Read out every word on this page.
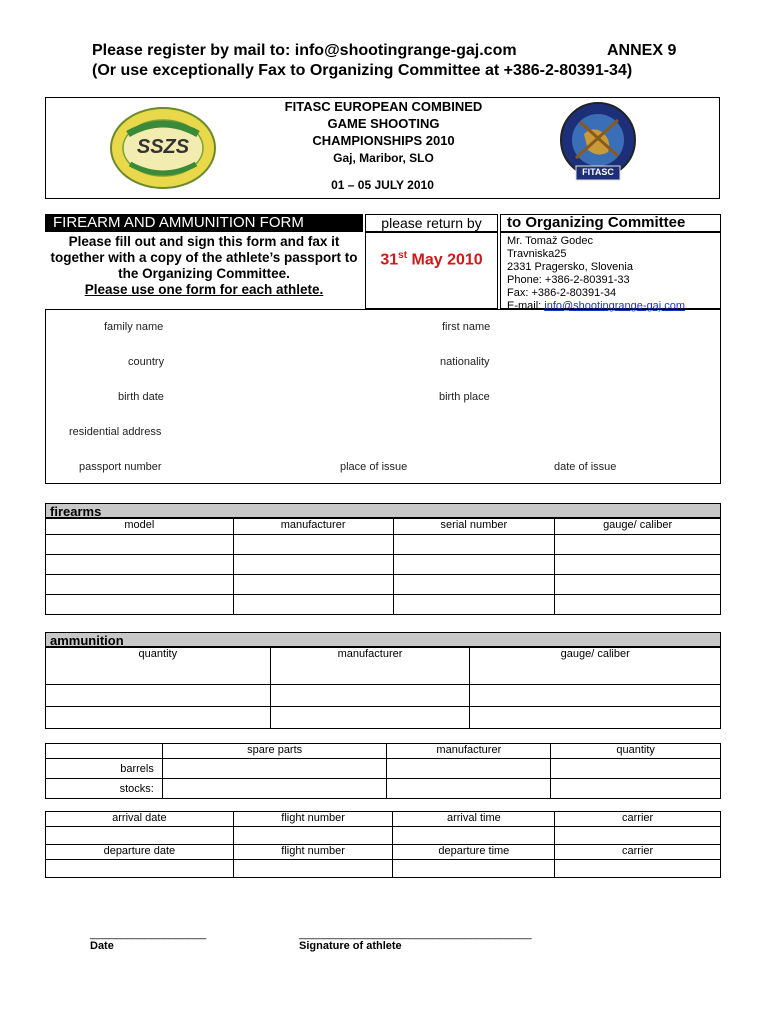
Please register by mail to: info@shootingrange-gaj.com	ANNEX 9
(Or use exceptionally Fax to Organizing Committee at +386-2-80391-34)
SSZS
FITASC EUROPEAN COMBINED
GAME SHOOTING
CHAMPIONSHIPS 2010
Gaj, Maribor, SLO
FITASC
01 – 05 JULY 2010
FIREARM AND AMMUNITION FORM	please return by	to Organizing Committee
Please fill out and sign this form and fax it together with a copy of the athlete’s passport to the Organizing Committee.
Please use one form for each athlete.
31st May 2010
Mr. Tomaž Godec
Travniska25
2331 Pragersko, Slovenia
Phone: +386-2-80391-33
Fax: +386-2-80391-34
E-mail: info@shootingrange-gaj.com
family name	first name
country	nationality
birth date	birth place
residential address
passport number	place of issue	date of issue
firearms
model	manufacturer	serial number	gauge/ caliber

ammunition
quantity	manufacturer	gauge/ caliber

	spare parts	manufacturer	quantity
barrels			
stocks:			
arrival date	flight number	arrival time	carrier

departure date	flight number	departure time	carrier

___________________
Date
______________________________________
Signature of athlete
